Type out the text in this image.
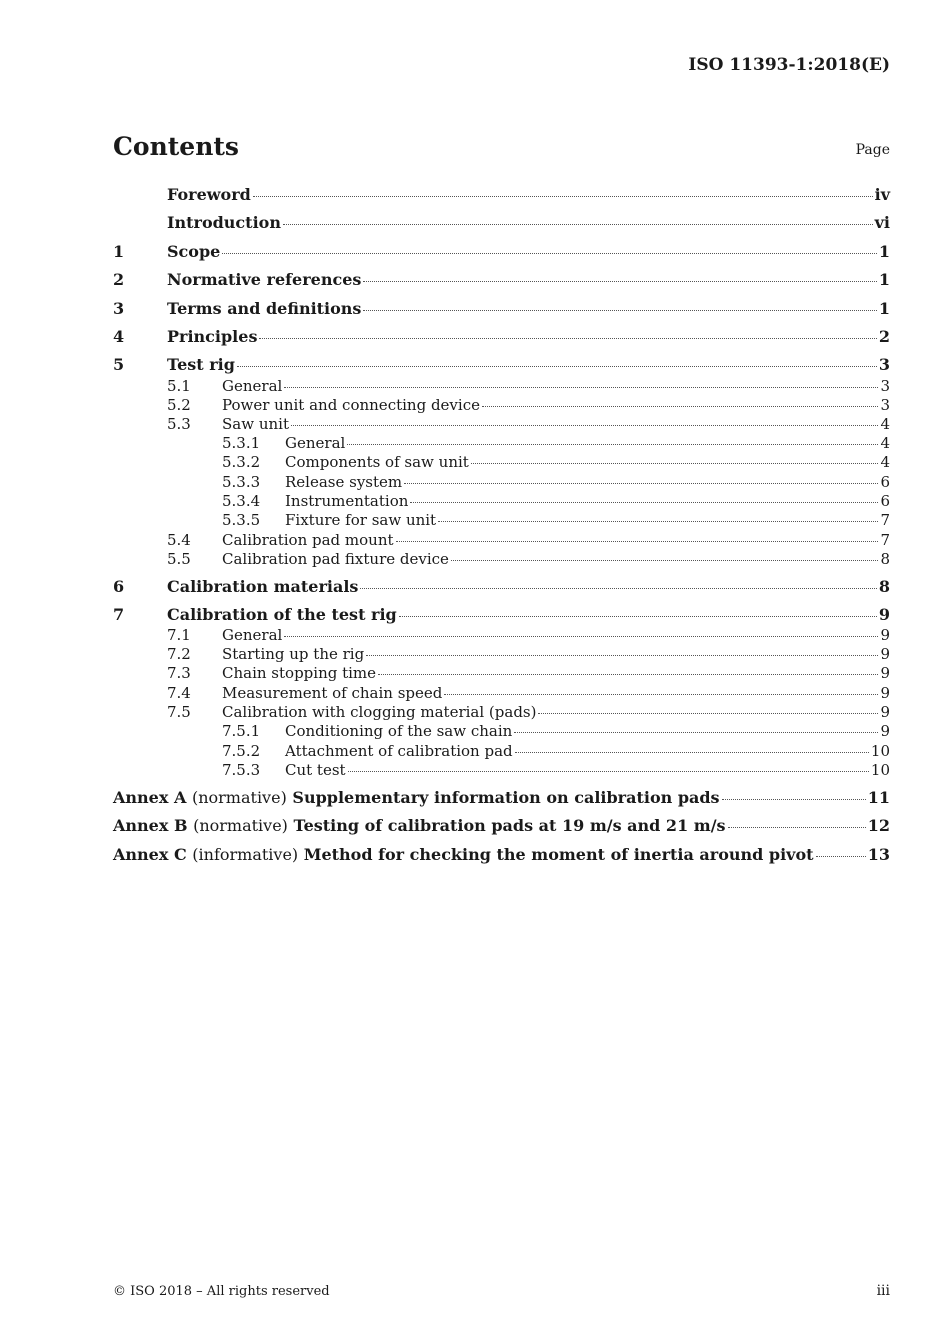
ISO 11393-1:2018(E)
Contents	Page
Foreword	iv
Introduction	vi
1	Scope	1
2	Normative references	1
3	Terms and definitions	1
4	Principles	2
5	Test rig	3
5.1	General	3
5.2	Power unit and connecting device	3
5.3	Saw unit	4
5.3.1	General	4
5.3.2	Components of saw unit	4
5.3.3	Release system	6
5.3.4	Instrumentation	6
5.3.5	Fixture for saw unit	7
5.4	Calibration pad mount	7
5.5	Calibration pad fixture device	8
6	Calibration materials	8
7	Calibration of the test rig	9
7.1	General	9
7.2	Starting up the rig	9
7.3	Chain stopping time	9
7.4	Measurement of chain speed	9
7.5	Calibration with clogging material (pads)	9
7.5.1	Conditioning of the saw chain	9
7.5.2	Attachment of calibration pad	10
7.5.3	Cut test	10
Annex A (normative) Supplementary information on calibration pads	11
Annex B (normative) Testing of calibration pads at 19 m/s and 21 m/s	12
Annex C (informative) Method for checking the moment of inertia around pivot	13
© ISO 2018 – All rights reserved	iii
